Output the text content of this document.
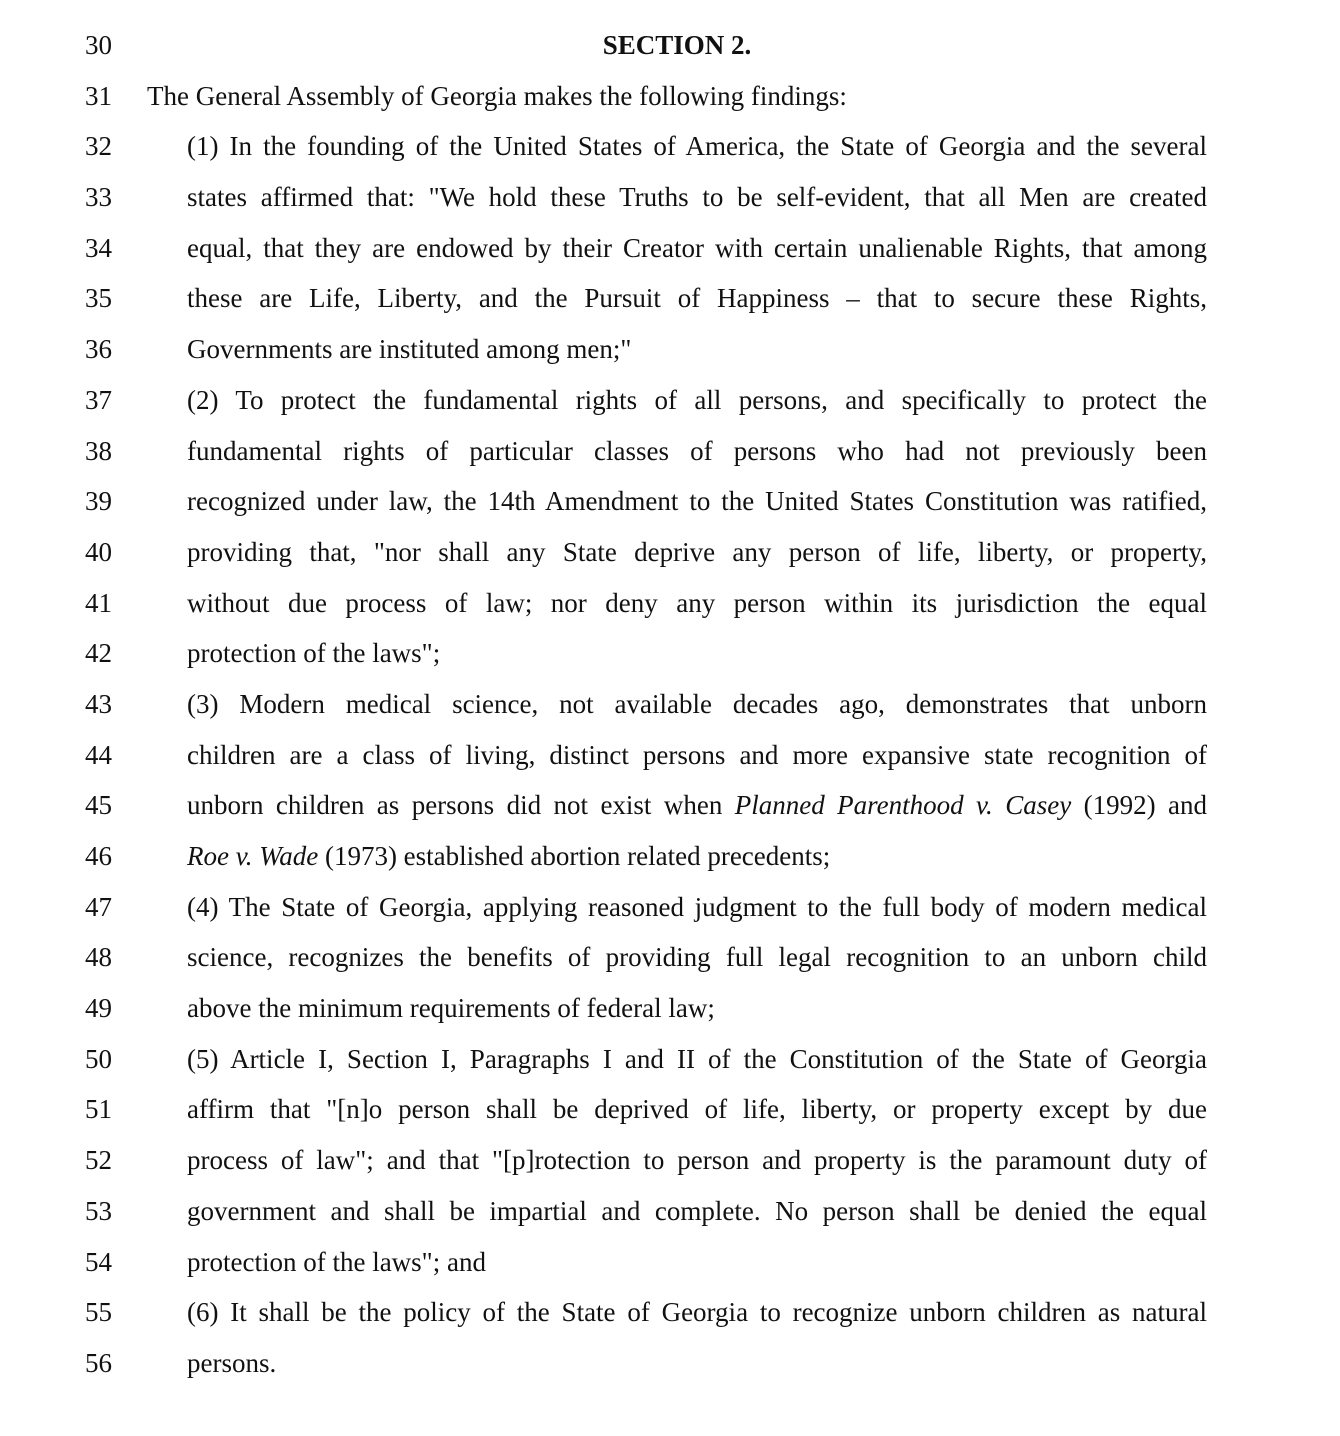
30	SECTION 2.
31 The General Assembly of Georgia makes the following findings:
32	(1) In the founding of the United States of America, the State of Georgia and the several
33	states affirmed that: "We hold these Truths to be self-evident, that all Men are created
34	equal, that they are endowed by their Creator with certain unalienable Rights, that among
35	these are Life, Liberty, and the Pursuit of Happiness – that to secure these Rights,
36	Governments are instituted among men;"
37	(2) To protect the fundamental rights of all persons, and specifically to protect the
38	fundamental rights of particular classes of persons who had not previously been
39	recognized under law, the 14th Amendment to the United States Constitution was ratified,
40	providing that, "nor shall any State deprive any person of life, liberty, or property,
41	without due process of law; nor deny any person within its jurisdiction the equal
42	protection of the laws";
43	(3) Modern medical science, not available decades ago, demonstrates that unborn
44	children are a class of living, distinct persons and more expansive state recognition of
45	unborn children as persons did not exist when Planned Parenthood v. Casey (1992) and
46	Roe v. Wade (1973) established abortion related precedents;
47	(4) The State of Georgia, applying reasoned judgment to the full body of modern medical
48	science, recognizes the benefits of providing full legal recognition to an unborn child
49	above the minimum requirements of federal law;
50	(5) Article I, Section I, Paragraphs I and II of the Constitution of the State of Georgia
51	affirm that "[n]o person shall be deprived of life, liberty, or property except by due
52	process of law"; and that "[p]rotection to person and property is the paramount duty of
53	government and shall be impartial and complete. No person shall be denied the equal
54	protection of the laws"; and
55	(6) It shall be the policy of the State of Georgia to recognize unborn children as natural
56	persons.
